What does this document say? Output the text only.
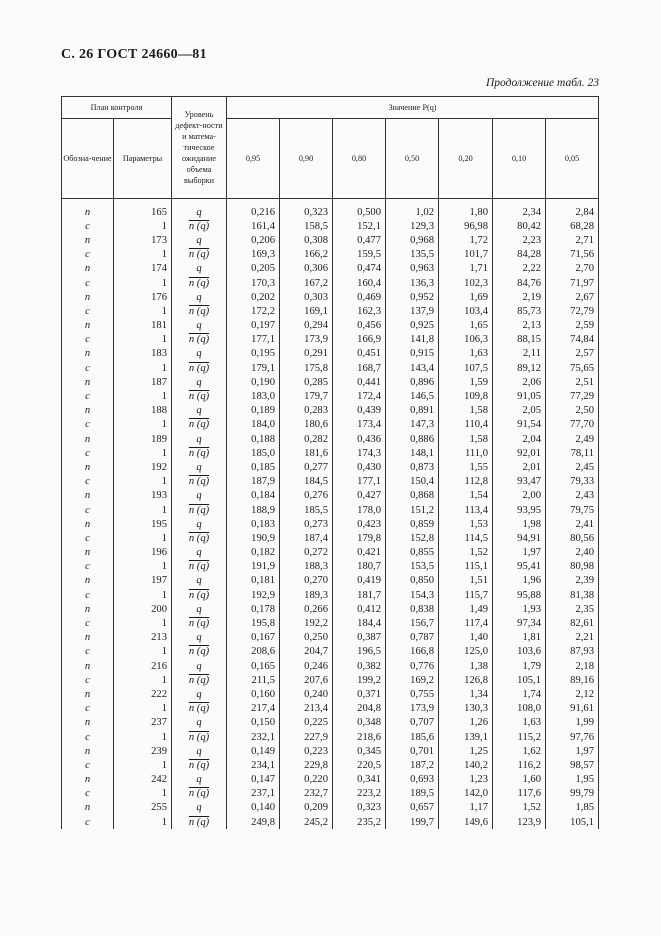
С. 26 ГОСТ 24660—81
Продолжение табл. 23
План контроля		Уровень дефект-ности и матема-тическое ожидание объема выборки	Значение P(q)						
Обозна-чение	Параметры		0,95	0,90	0,80	0,50	0,20	0,10	0,05
n	165	q	0,216	0,323	0,500	1,02	1,80	2,34	2,84
c	1	n (q)	161,4	158,5	152,1	129,3	96,98	80,42	68,28
n	173	q	0,206	0,308	0,477	0,968	1,72	2,23	2,71
c	1	n (q)	169,3	166,2	159,5	135,5	101,7	84,28	71,56
n	174	q	0,205	0,306	0,474	0,963	1,71	2,22	2,70
c	1	n (q)	170,3	167,2	160,4	136,3	102,3	84,76	71,97
n	176	q	0,202	0,303	0,469	0,952	1,69	2,19	2,67
c	1	n (q)	172,2	169,1	162,3	137,9	103,4	85,73	72,79
n	181	q	0,197	0,294	0,456	0,925	1,65	2,13	2,59
c	1	n (q)	177,1	173,9	166,9	141,8	106,3	88,15	74,84
n	183	q	0,195	0,291	0,451	0,915	1,63	2,11	2,57
c	1	n (q)	179,1	175,8	168,7	143,4	107,5	89,12	75,65
n	187	q	0,190	0,285	0,441	0,896	1,59	2,06	2,51
c	1	n (q)	183,0	179,7	172,4	146,5	109,8	91,05	77,29
n	188	q	0,189	0,283	0,439	0,891	1,58	2,05	2,50
c	1	n (q)	184,0	180,6	173,4	147,3	110,4	91,54	77,70
n	189	q	0,188	0,282	0,436	0,886	1,58	2,04	2,49
c	1	n (q)	185,0	181,6	174,3	148,1	111,0	92,01	78,11
n	192	q	0,185	0,277	0,430	0,873	1,55	2,01	2,45
c	1	n (q)	187,9	184,5	177,1	150,4	112,8	93,47	79,33
n	193	q	0,184	0,276	0,427	0,868	1,54	2,00	2,43
c	1	n (q)	188,9	185,5	178,0	151,2	113,4	93,95	79,75
n	195	q	0,183	0,273	0,423	0,859	1,53	1,98	2,41
c	1	n (q)	190,9	187,4	179,8	152,8	114,5	94,91	80,56
n	196	q	0,182	0,272	0,421	0,855	1,52	1,97	2,40
c	1	n (q)	191,9	188,3	180,7	153,5	115,1	95,41	80,98
n	197	q	0,181	0,270	0,419	0,850	1,51	1,96	2,39
c	1	n (q)	192,9	189,3	181,7	154,3	115,7	95,88	81,38
n	200	q	0,178	0,266	0,412	0,838	1,49	1,93	2,35
c	1	n (q)	195,8	192,2	184,4	156,7	117,4	97,34	82,61
n	213	q	0,167	0,250	0,387	0,787	1,40	1,81	2,21
c	1	n (q)	208,6	204,7	196,5	166,8	125,0	103,6	87,93
n	216	q	0,165	0,246	0,382	0,776	1,38	1,79	2,18
c	1	n (q)	211,5	207,6	199,2	169,2	126,8	105,1	89,16
n	222	q	0,160	0,240	0,371	0,755	1,34	1,74	2,12
c	1	n (q)	217,4	213,4	204,8	173,9	130,3	108,0	91,61
n	237	q	0,150	0,225	0,348	0,707	1,26	1,63	1,99
c	1	n (q)	232,1	227,9	218,6	185,6	139,1	115,2	97,76
n	239	q	0,149	0,223	0,345	0,701	1,25	1,62	1,97
c	1	n (q)	234,1	229,8	220,5	187,2	140,2	116,2	98,57
n	242	q	0,147	0,220	0,341	0,693	1,23	1,60	1,95
c	1	n (q)	237,1	232,7	223,2	189,5	142,0	117,6	99,79
n	255	q	0,140	0,209	0,323	0,657	1,17	1,52	1,85
c	1	n (q)	249,8	245,2	235,2	199,7	149,6	123,9	105,1
